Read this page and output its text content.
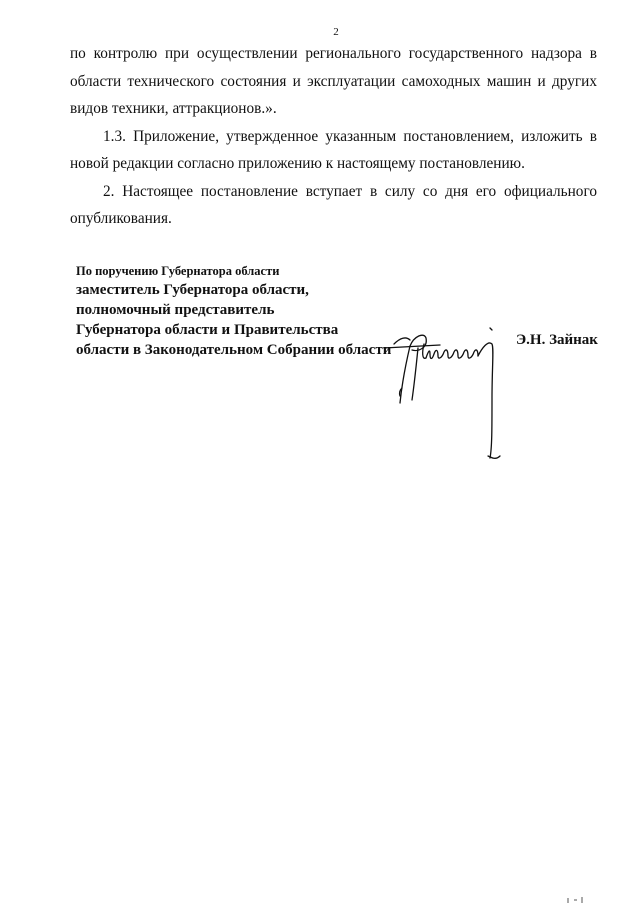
2

по контролю при осуществлении регионального государственного надзора в области технического состояния и эксплуатации самоходных машин и других видов техники, аттракционов.».

1.3. Приложение, утвержденное указанным постановлением, изложить в новой редакции согласно приложению к настоящему постановлению.

2. Настоящее постановление вступает в силу со дня его официального опубликования.

По поручению Губернатора области
заместитель Губернатора области,
полномочный представитель
Губернатора области и Правительства
области в Законодательном Собрании области
Э.Н. Зайнак
